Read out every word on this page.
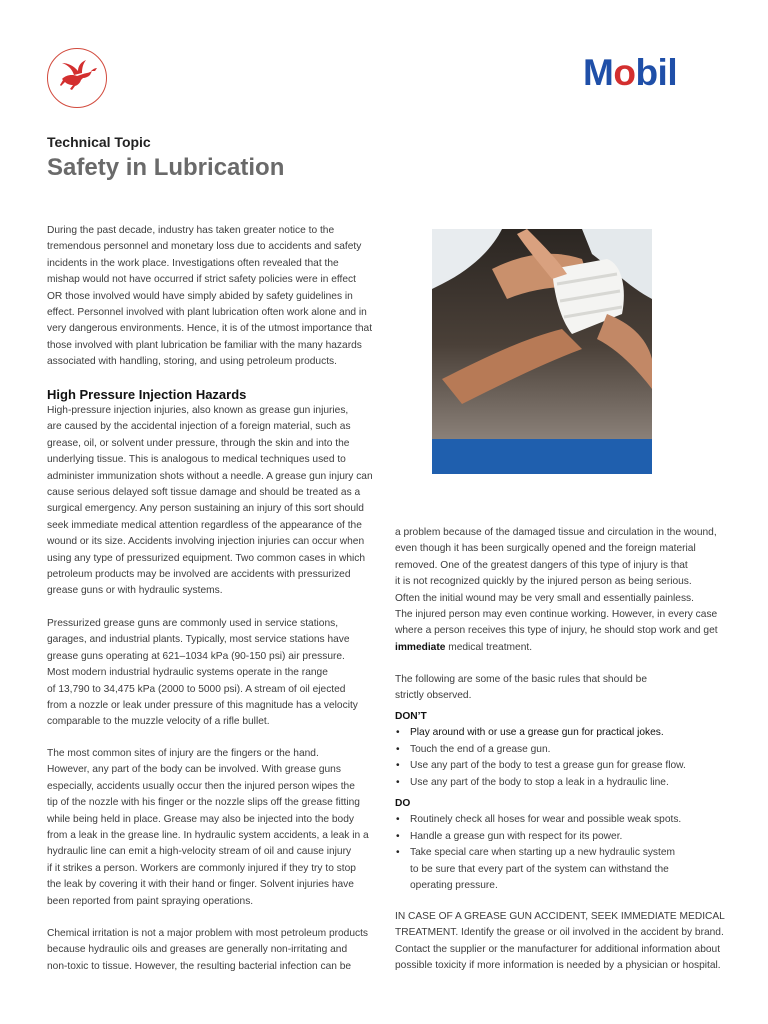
Mobil
Technical Topic
Safety in Lubrication

During the past decade, industry has taken greater notice to the

tremendous personnel and monetary loss due to accidents and safety

incidents in the work place. Investigations often revealed that the

mishap would not have occurred if strict safety policies were in effect

OR those involved would have simply abided by safety guidelines in

effect. Personnel involved with plant lubrication often work alone and in

very dangerous environments. Hence, it is of the utmost importance that

those involved with plant lubrication be familiar with the many hazards

associated with handling, storing, and using petroleum products.

High Pressure Injection Hazards

High-pressure injection injuries, also known as grease gun injuries,

are caused by the accidental injection of a foreign material, such as

grease, oil, or solvent under pressure, through the skin and into the

underlying tissue. This is analogous to medical techniques used to

administer immunization shots without a needle. A grease gun injury can

cause serious delayed soft tissue damage and should be treated as a

surgical emergency. Any person sustaining an injury of this sort should

seek immediate medical attention regardless of the appearance of the

wound or its size. Accidents involving injection injuries can occur when

using any type of pressurized equipment. Two common cases in which

petroleum products may be involved are accidents with pressurized

grease guns or with hydraulic systems.

Pressurized grease guns are commonly used in service stations,

garages, and industrial plants. Typically, most service stations have

grease guns operating at 621–1034 kPa (90-150 psi) air pressure.

Most modern industrial hydraulic systems operate in the range

of 13,790 to 34,475 kPa (2000 to 5000 psi). A stream of oil ejected

from a nozzle or leak under pressure of this magnitude has a velocity

comparable to the muzzle velocity of a rifle bullet.

The most common sites of injury are the fingers or the hand.

However, any part of the body can be involved. With grease guns

especially, accidents usually occur then the injured person wipes the

tip of the nozzle with his finger or the nozzle slips off the grease fitting

while being held in place. Grease may also be injected into the body

from a leak in the grease line. In hydraulic system accidents, a leak in a

hydraulic line can emit a high-velocity stream of oil and cause injury

if it strikes a person. Workers are commonly injured if they try to stop

the leak by covering it with their hand or finger. Solvent injuries have

been reported from paint spraying operations.

Chemical irritation is not a major problem with most petroleum products

because hydraulic oils and greases are generally non-irritating and

non-toxic to tissue. However, the resulting bacterial infection can be

a problem because of the damaged tissue and circulation in the wound,

even though it has been surgically opened and the foreign material

removed. One of the greatest dangers of this type of injury is that

it is not recognized quickly by the injured person as being serious.

Often the initial wound may be very small and essentially painless.

The injured person may even continue working. However, in every case

where a person receives this type of injury, he should stop work and get

immediate medical treatment.

The following are some of the basic rules that should be

strictly observed.

DON’T
• Play around with or use a grease gun for practical jokes.
• Touch the end of a grease gun.
• Use any part of the body to test a grease gun for grease flow.
• Use any part of the body to stop a leak in a hydraulic line.
DO
• Routinely check all hoses for wear and possible weak spots.
• Handle a grease gun with respect for its power.
• Take special care when starting up a new hydraulic system
to be sure that every part of the system can withstand the
operating pressure.

IN CASE OF A GREASE GUN ACCIDENT, SEEK IMMEDIATE MEDICAL

TREATMENT. Identify the grease or oil involved in the accident by brand.

Contact the supplier or the manufacturer for additional information about

possible toxicity if more information is needed by a physician or hospital.
